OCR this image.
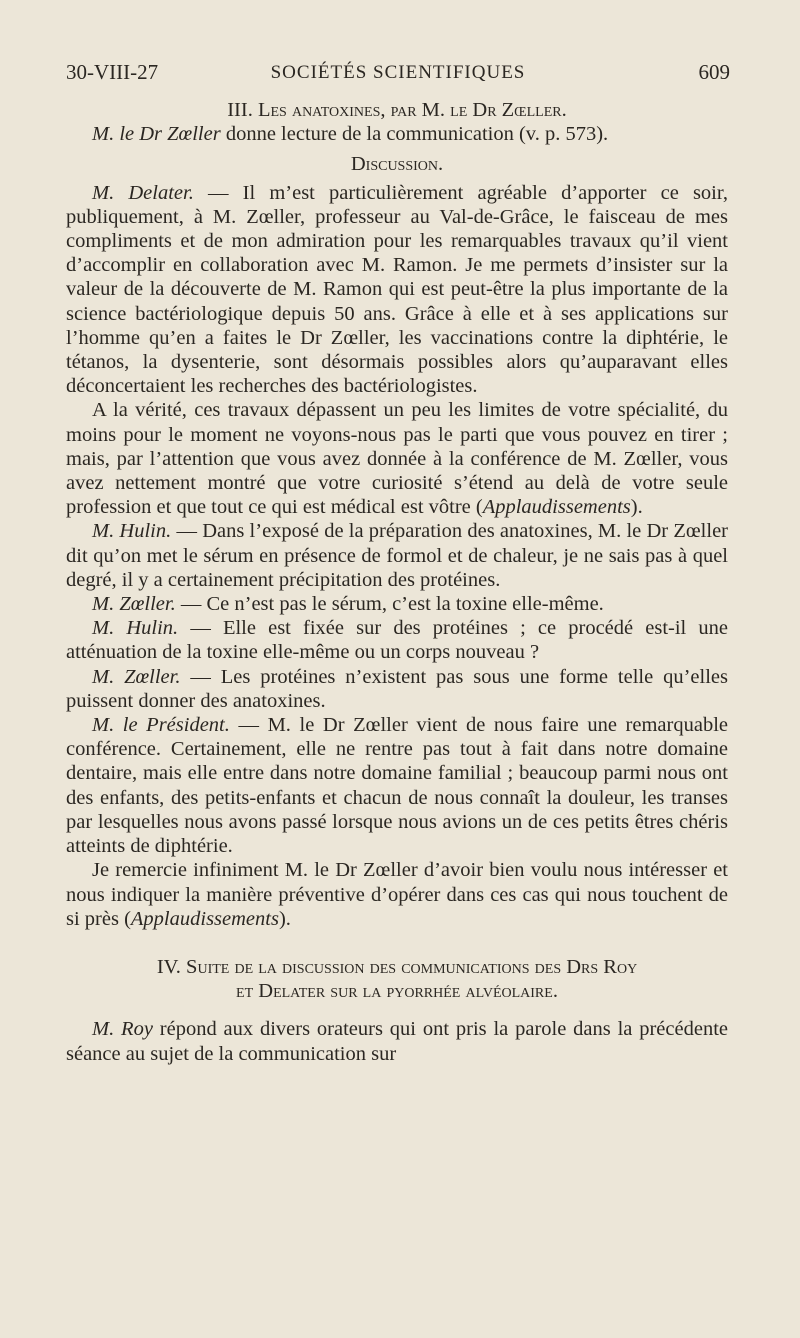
30-VIII-27	SOCIÉTÉS SCIENTIFIQUES	609
III. Les anatoxines, par M. le Dr Zœller.

M. le Dr Zœller donne lecture de la communication (v. p. 573).

Discussion.

M. Delater. — Il m’est particulièrement agréable d’apporter ce soir, publiquement, à M. Zœller, professeur au Val-de-Grâce, le faisceau de mes compliments et de mon admiration pour les remarquables travaux qu’il vient d’accomplir en collaboration avec M. Ramon. Je me permets d’insister sur la valeur de la découverte de M. Ramon qui est peut-être la plus importante de la science bactériologique depuis 50 ans. Grâce à elle et à ses applications sur l’homme qu’en a faites le Dr Zœller, les vaccinations contre la diphtérie, le tétanos, la dysenterie, sont désormais possibles alors qu’auparavant elles déconcertaient les recherches des bactériologistes.

A la vérité, ces travaux dépassent un peu les limites de votre spécialité, du moins pour le moment ne voyons-nous pas le parti que vous pouvez en tirer ; mais, par l’attention que vous avez donnée à la conférence de M. Zœller, vous avez nettement montré que votre curiosité s’étend au delà de votre seule profession et que tout ce qui est médical est vôtre (Applaudissements).

M. Hulin. — Dans l’exposé de la préparation des anatoxines, M. le Dr Zœller dit qu’on met le sérum en présence de formol et de chaleur, je ne sais pas à quel degré, il y a certainement précipitation des protéines.

M. Zœller. — Ce n’est pas le sérum, c’est la toxine elle-même.

M. Hulin. — Elle est fixée sur des protéines ; ce procédé est-il une atténuation de la toxine elle-même ou un corps nouveau ?

M. Zœller. — Les protéines n’existent pas sous une forme telle qu’elles puissent donner des anatoxines.

M. le Président. — M. le Dr Zœller vient de nous faire une remarquable conférence. Certainement, elle ne rentre pas tout à fait dans notre domaine dentaire, mais elle entre dans notre domaine familial ; beaucoup parmi nous ont des enfants, des petits-enfants et chacun de nous connaît la douleur, les transes par lesquelles nous avons passé lorsque nous avions un de ces petits êtres chéris atteints de diphtérie.

Je remercie infiniment M. le Dr Zœller d’avoir bien voulu nous intéresser et nous indiquer la manière préventive d’opérer dans ces cas qui nous touchent de si près (Applaudissements).

IV. Suite de la discussion des communications des Drs Roy
et Delater sur la pyorrhée alvéolaire.

M. Roy répond aux divers orateurs qui ont pris la parole dans la précédente séance au sujet de la communication sur
